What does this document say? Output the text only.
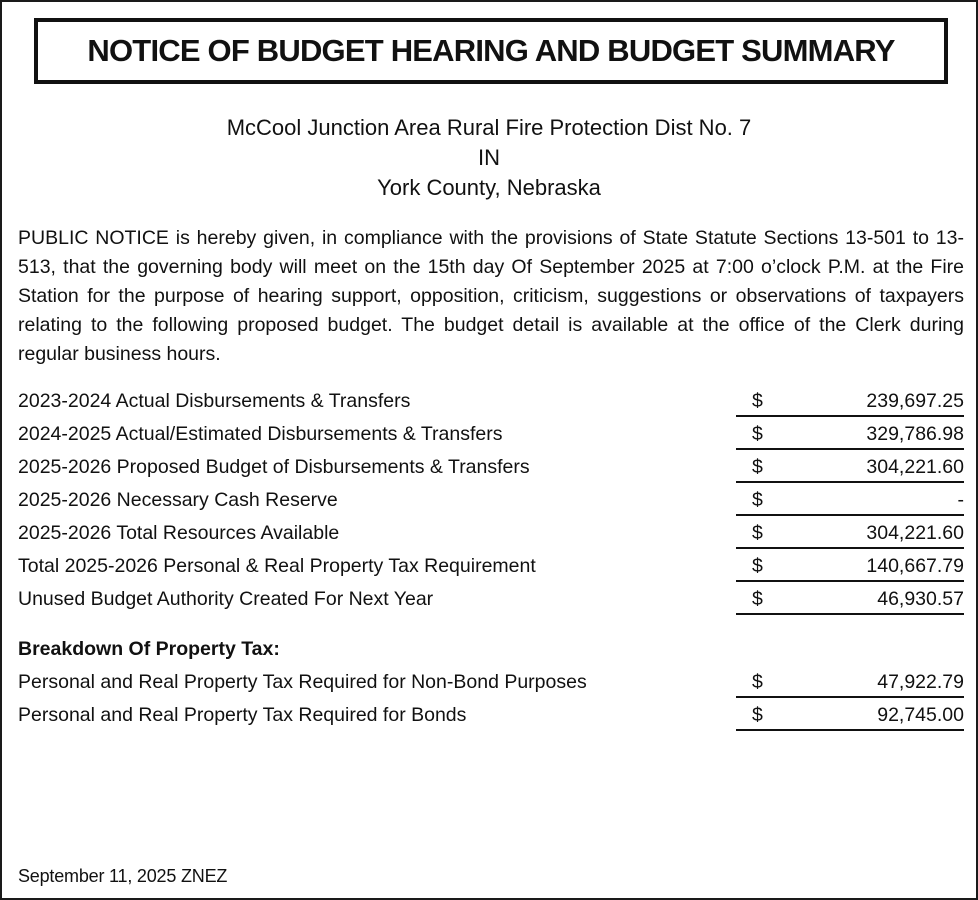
NOTICE OF BUDGET HEARING AND BUDGET SUMMARY
McCool Junction Area Rural Fire Protection Dist No. 7
IN
York County, Nebraska
PUBLIC NOTICE is hereby given, in compliance with the provisions of State Statute Sections 13-501 to 13-513, that the governing body will meet on the 15th day Of September 2025 at 7:00 o’clock P.M. at the Fire Station for the purpose of hearing support, opposition, criticism, suggestions or observations of taxpayers relating to the following proposed budget. The budget detail is available at the office of the Clerk during regular business hours.
2023-2024 Actual Disbursements & Transfers	$	239,697.25
2024-2025 Actual/Estimated Disbursements & Transfers	$	329,786.98
2025-2026 Proposed Budget of Disbursements & Transfers	$	304,221.60
2025-2026 Necessary Cash Reserve	$	-
2025-2026 Total Resources Available	$	304,221.60
Total 2025-2026 Personal & Real Property Tax Requirement	$	140,667.79
Unused Budget Authority Created For Next Year	$	46,930.57
Breakdown Of Property Tax:
Personal and Real Property Tax Required for Non-Bond Purposes	$	47,922.79
Personal and Real Property Tax Required for Bonds	$	92,745.00
September 11, 2025 ZNEZ
